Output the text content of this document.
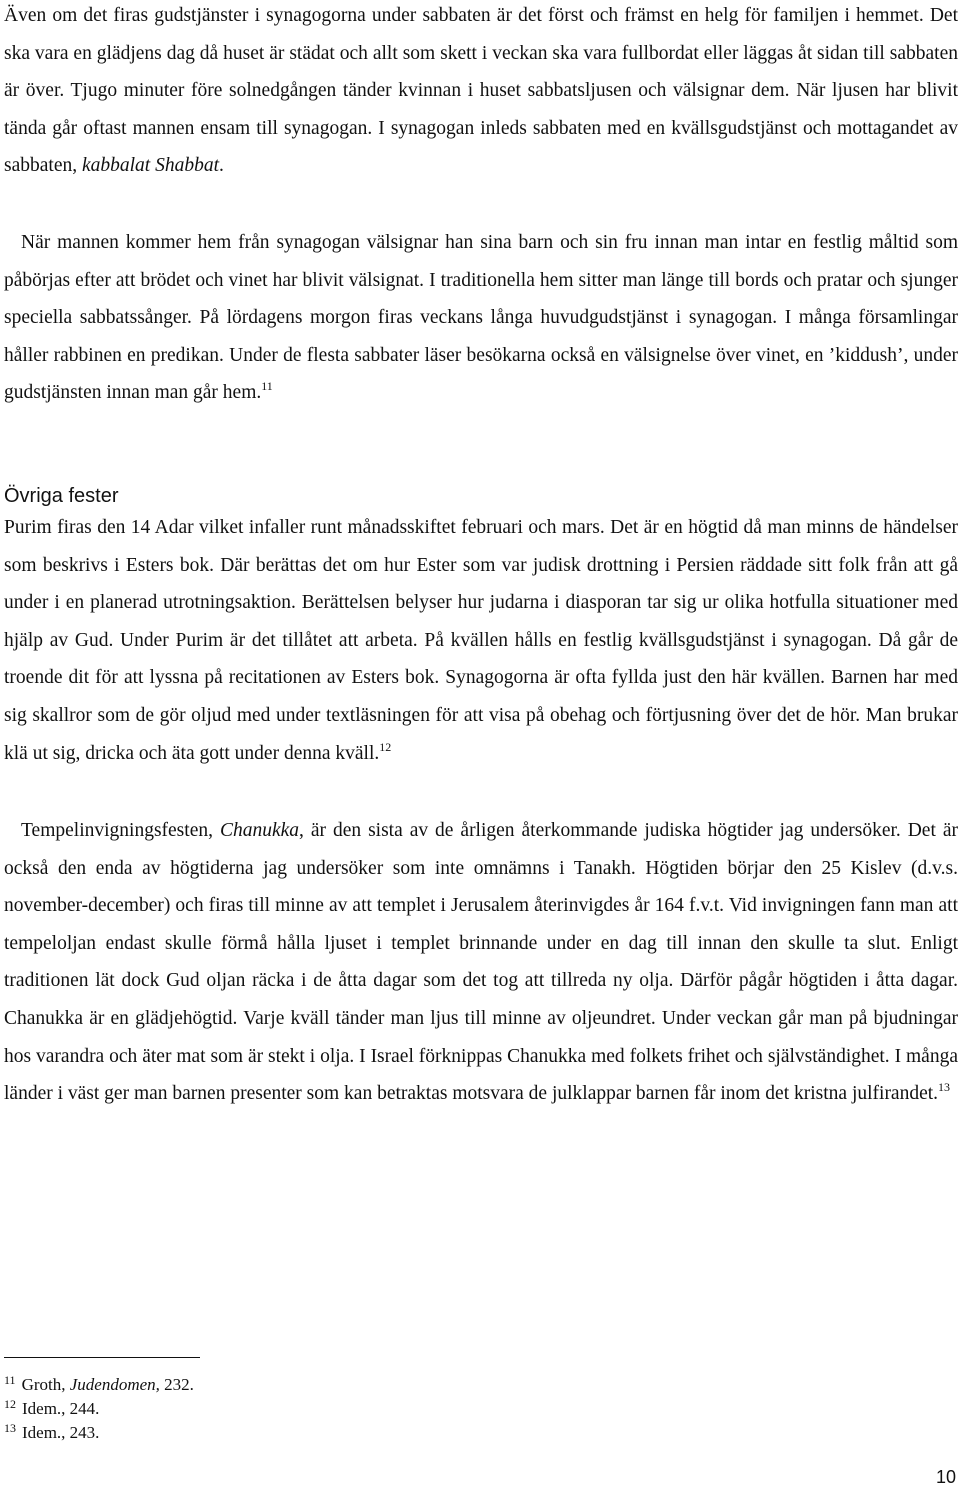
Även om det firas gudstjänster i synagogorna under sabbaten är det först och främst en helg för familjen i hemmet. Det ska vara en glädjens dag då huset är städat och allt som skett i veckan ska vara fullbordat eller läggas åt sidan till sabbaten är över. Tjugo minuter före solnedgången tänder kvinnan i huset sabbatsljusen och välsignar dem. När ljusen har blivit tända går oftast mannen ensam till synagogan. I synagogan inleds sabbaten med en kvällsgudstjänst och mottagandet av sabbaten, kabbalat Shabbat.

När mannen kommer hem från synagogan välsignar han sina barn och sin fru innan man intar en festlig måltid som påbörjas efter att brödet och vinet har blivit välsignat. I traditionella hem sitter man länge till bords och pratar och sjunger speciella sabbatssånger. På lördagens morgon firas veckans långa huvudgudstjänst i synagogan. I många församlingar håller rabbinen en predikan. Under de flesta sabbater läser besökarna också en välsignelse över vinet, en ’kiddush’, under gudstjänsten innan man går hem.$^{11}$

Övriga fester

Purim firas den 14 Adar vilket infaller runt månadsskiftet februari och mars. Det är en högtid då man minns de händelser som beskrivs i Esters bok. Där berättas det om hur Ester som var judisk drottning i Persien räddade sitt folk från att gå under i en planerad utrotningsaktion. Berättelsen belyser hur judarna i diasporan tar sig ur olika hotfulla situationer med hjälp av Gud. Under Purim är det tillåtet att arbeta. På kvällen hålls en festlig kvällsgudstjänst i synagogan. Då går de troende dit för att lyssna på recitationen av Esters bok. Synagogorna är ofta fyllda just den här kvällen. Barnen har med sig skallror som de gör oljud med under textläsningen för att visa på obehag och förtjusning över det de hör. Man brukar klä ut sig, dricka och äta gott under denna kväll.$^{12}$

Tempelinvigningsfesten, Chanukka, är den sista av de årligen återkommande judiska högtider jag undersöker. Det är också den enda av högtiderna jag undersöker som inte omnämns i Tanakh. Högtiden börjar den 25 Kislev (d.v.s. november-december) och firas till minne av att templet i Jerusalem återinvigdes år 164 f.v.t. Vid invigningen fann man att tempeloljan endast skulle förmå hålla ljuset i templet brinnande under en dag till innan den skulle ta slut. Enligt traditionen lät dock Gud oljan räcka i de åtta dagar som det tog att tillreda ny olja. Därför pågår högtiden i åtta dagar. Chanukka är en glädjehögtid. Varje kväll tänder man ljus till minne av oljeundret. Under veckan går man på bjudningar hos varandra och äter mat som är stekt i olja. I Israel förknippas Chanukka med folkets frihet och självständighet. I många länder i väst ger man barnen presenter som kan betraktas motsvara de julklappar barnen får inom det kristna julfirandet.$^{13}$

$^{11}$ Groth, Judendomen, 232.
$^{12}$ Idem., 244.
$^{13}$ Idem., 243.
10
